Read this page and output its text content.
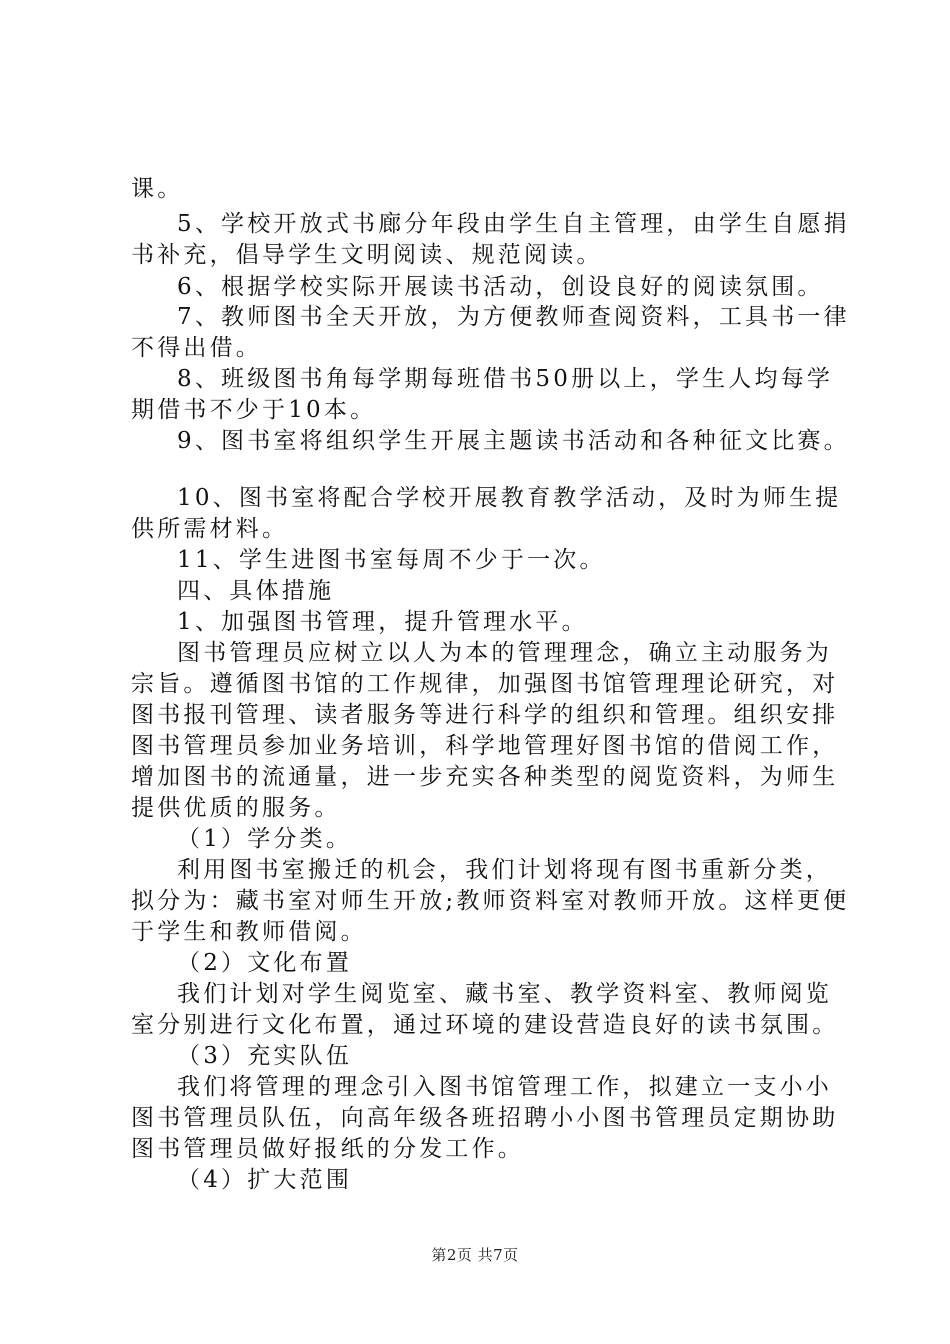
课。
5、学校开放式书廊分年段由学生自主管理，由学生自愿捐
书补充，倡导学生文明阅读、规范阅读。
6、根据学校实际开展读书活动，创设良好的阅读氛围。
7、教师图书全天开放，为方便教师查阅资料，工具书一律
不得出借。
8、班级图书角每学期每班借书50册以上，学生人均每学
期借书不少于10本。
9、图书室将组织学生开展主题读书活动和各种征文比赛。
10、图书室将配合学校开展教育教学活动，及时为师生提
供所需材料。
11、学生进图书室每周不少于一次。
四、具体措施
1、加强图书管理，提升管理水平。
图书管理员应树立以人为本的管理理念，确立主动服务为
宗旨。遵循图书馆的工作规律，加强图书馆管理理论研究，对
图书报刊管理、读者服务等进行科学的组织和管理。组织安排
图书管理员参加业务培训，科学地管理好图书馆的借阅工作，
增加图书的流通量，进一步充实各种类型的阅览资料，为师生
提供优质的服务。
（1）学分类。
利用图书室搬迁的机会，我们计划将现有图书重新分类，
拟分为：藏书室对师生开放;教师资料室对教师开放。这样更便
于学生和教师借阅。
（2）文化布置
我们计划对学生阅览室、藏书室、教学资料室、教师阅览
室分别进行文化布置，通过环境的建设营造良好的读书氛围。
（3）充实队伍
我们将管理的理念引入图书馆管理工作，拟建立一支小小
图书管理员队伍，向高年级各班招聘小小图书管理员定期协助
图书管理员做好报纸的分发工作。
（4）扩大范围
第2页 共7页
